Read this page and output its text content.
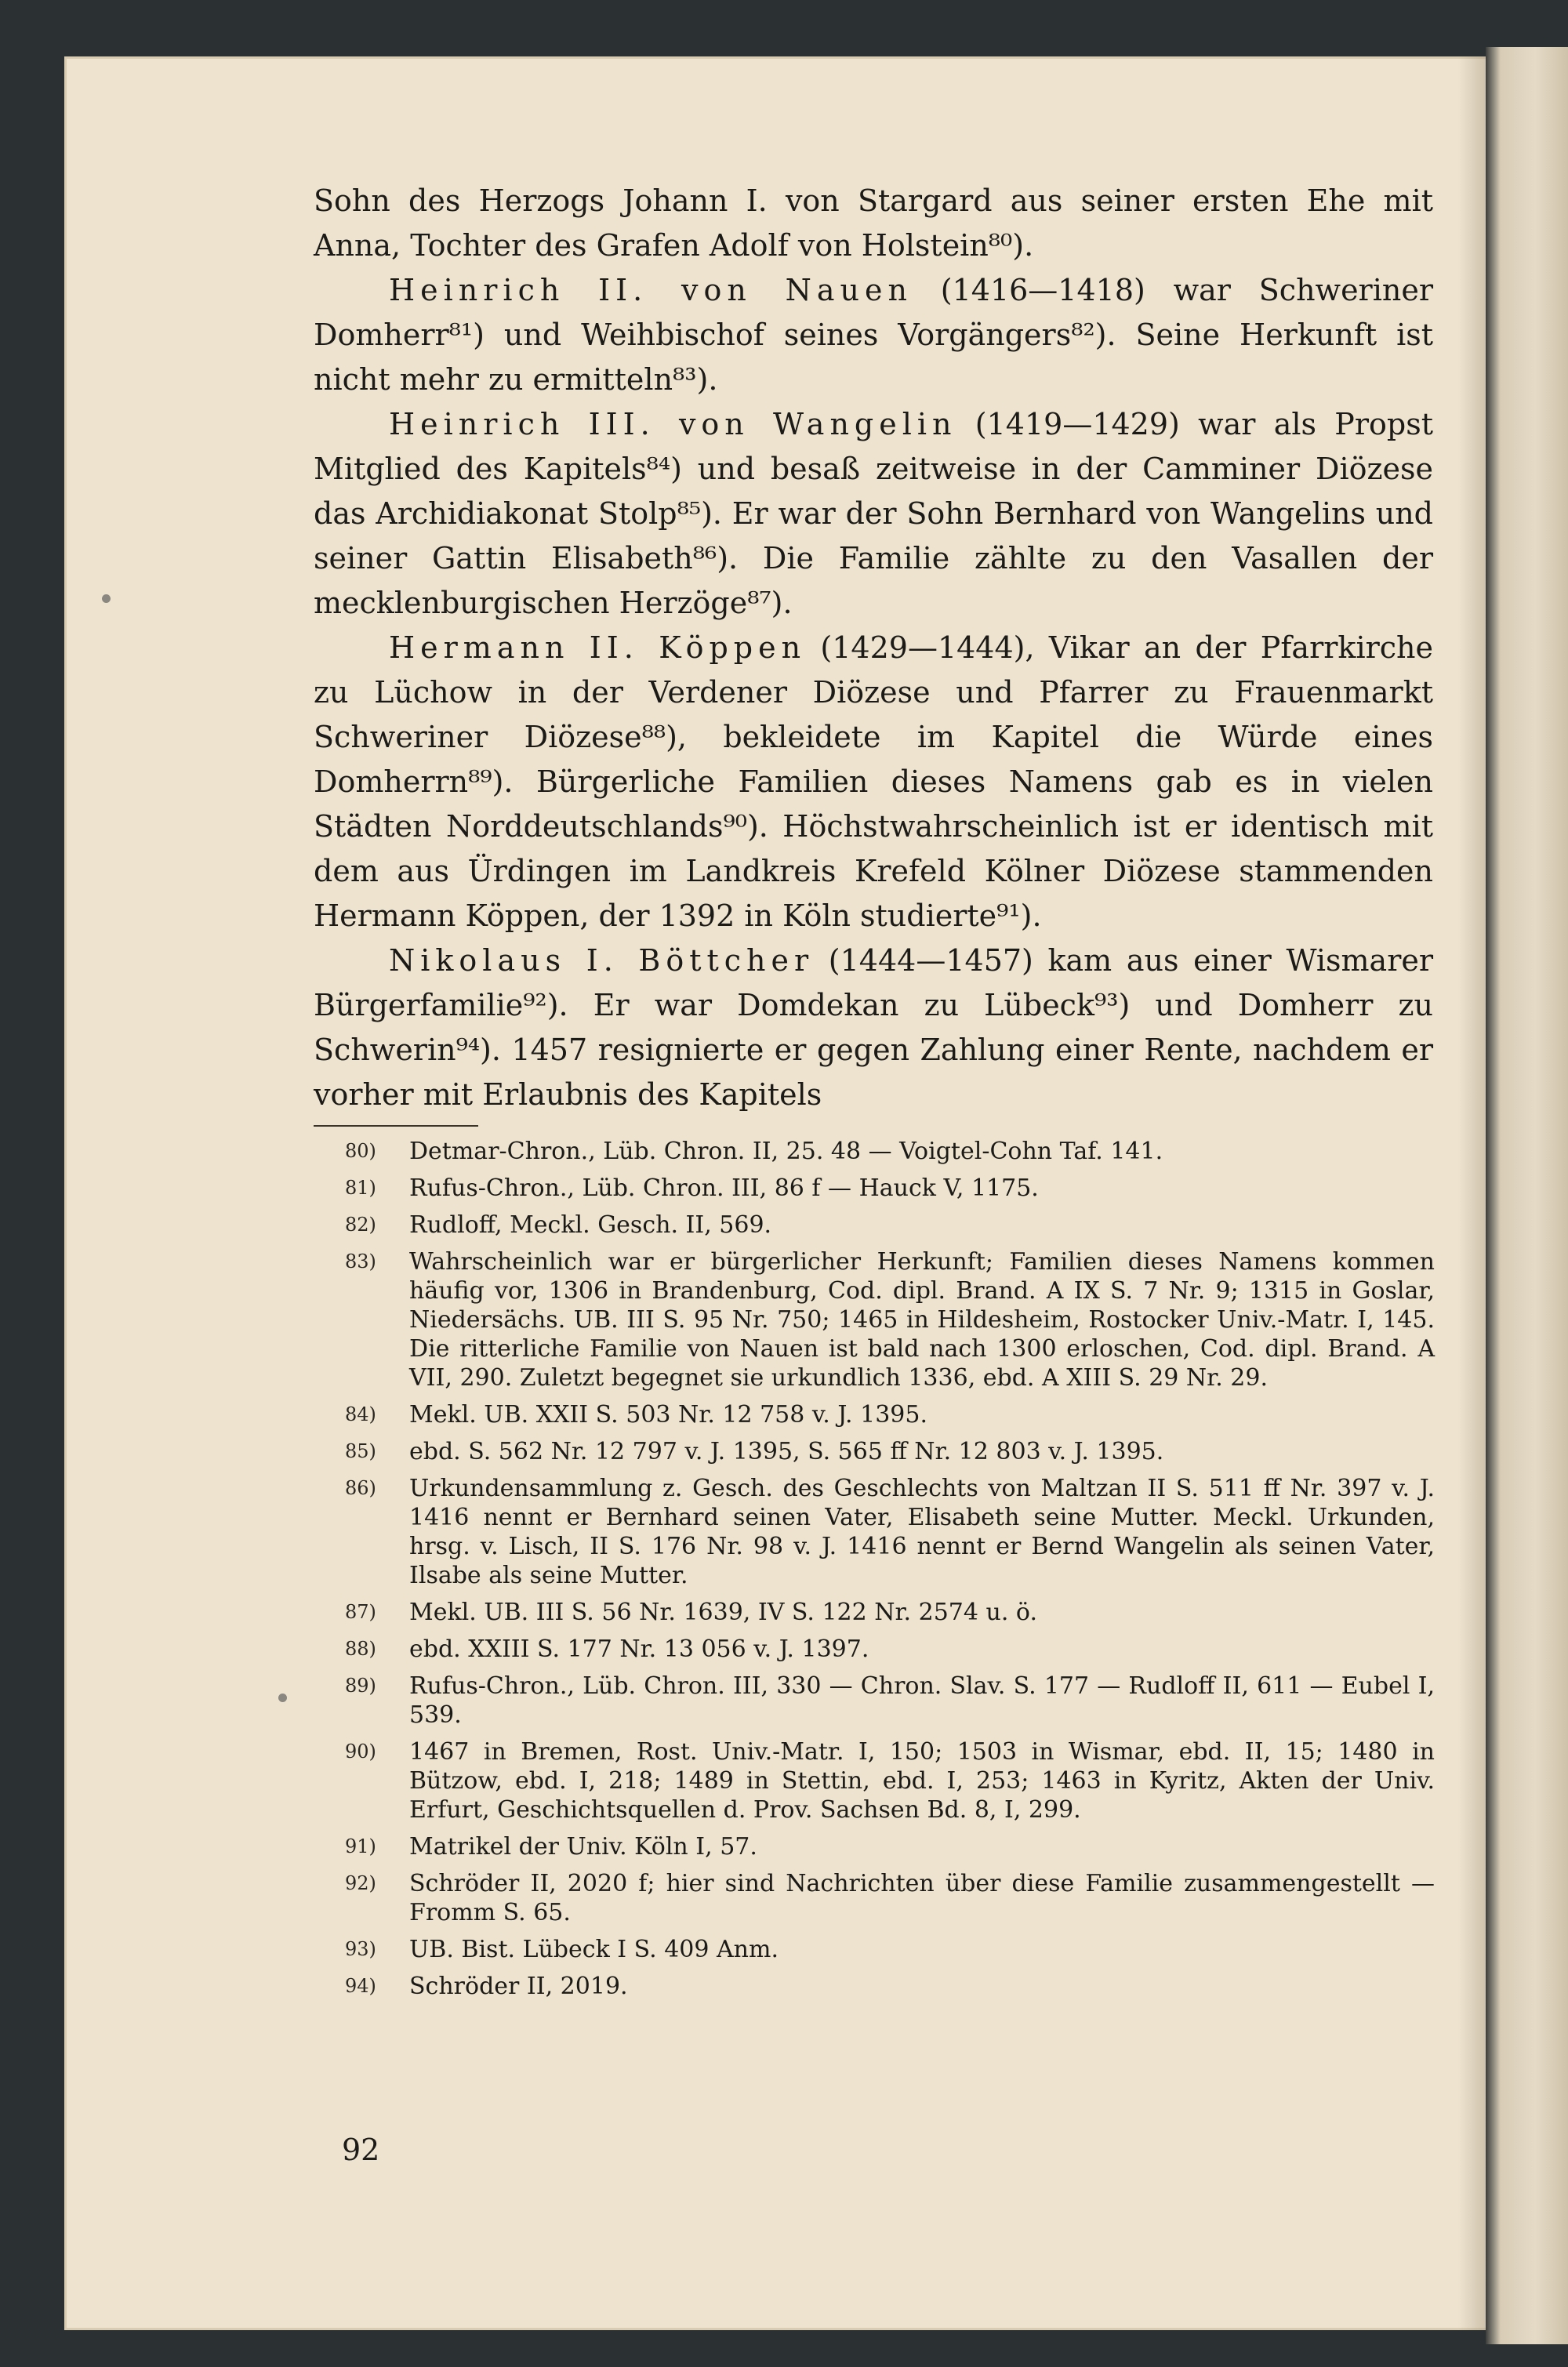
Sohn des Herzogs Johann I. von Stargard aus seiner ersten Ehe mit Anna, Tochter des Grafen Adolf von Holstein⁸⁰).

Heinrich II. von Nauen (1416—1418) war Schweriner Domherr⁸¹) und Weihbischof seines Vorgängers⁸²). Seine Herkunft ist nicht mehr zu ermitteln⁸³).

Heinrich III. von Wangelin (1419—1429) war als Propst Mitglied des Kapitels⁸⁴) und besaß zeitweise in der Camminer Diözese das Archidiakonat Stolp⁸⁵). Er war der Sohn Bernhard von Wangelins und seiner Gattin Elisabeth⁸⁶). Die Familie zählte zu den Vasallen der mecklenburgischen Herzöge⁸⁷).

Hermann II. Köppen (1429—1444), Vikar an der Pfarrkirche zu Lüchow in der Verdener Diözese und Pfarrer zu Frauenmarkt Schweriner Diözese⁸⁸), bekleidete im Kapitel die Würde eines Domherrn⁸⁹). Bürgerliche Familien dieses Namens gab es in vielen Städten Norddeutschlands⁹⁰). Höchstwahrscheinlich ist er identisch mit dem aus Ürdingen im Landkreis Krefeld Kölner Diözese stammenden Hermann Köppen, der 1392 in Köln studierte⁹¹).

Nikolaus I. Böttcher (1444—1457) kam aus einer Wismarer Bürgerfamilie⁹²). Er war Domdekan zu Lübeck⁹³) und Domherr zu Schwerin⁹⁴). 1457 resignierte er gegen Zahlung einer Rente, nachdem er vorher mit Erlaubnis des Kapitels

80)	Detmar-Chron., Lüb. Chron. II, 25. 48 — Voigtel-Cohn Taf. 141.
81)	Rufus-Chron., Lüb. Chron. III, 86 f — Hauck V, 1175.
82)	Rudloff, Meckl. Gesch. II, 569.
83)	Wahrscheinlich war er bürgerlicher Herkunft; Familien dieses Namens kommen häufig vor, 1306 in Brandenburg, Cod. dipl. Brand. A IX S. 7 Nr. 9; 1315 in Goslar, Niedersächs. UB. III S. 95 Nr. 750; 1465 in Hildesheim, Rostocker Univ.-Matr. I, 145. Die ritterliche Familie von Nauen ist bald nach 1300 erloschen, Cod. dipl. Brand. A VII, 290. Zuletzt begegnet sie urkundlich 1336, ebd. A XIII S. 29 Nr. 29.
84)	Mekl. UB. XXII S. 503 Nr. 12 758 v. J. 1395.
85)	ebd. S. 562 Nr. 12 797 v. J. 1395, S. 565 ff Nr. 12 803 v. J. 1395.
86)	Urkundensammlung z. Gesch. des Geschlechts von Maltzan II S. 511 ff Nr. 397 v. J. 1416 nennt er Bernhard seinen Vater, Elisabeth seine Mutter. Meckl. Urkunden, hrsg. v. Lisch, II S. 176 Nr. 98 v. J. 1416 nennt er Bernd Wangelin als seinen Vater, Ilsabe als seine Mutter.
87)	Mekl. UB. III S. 56 Nr. 1639, IV S. 122 Nr. 2574 u. ö.
88)	ebd. XXIII S. 177 Nr. 13 056 v. J. 1397.
89)	Rufus-Chron., Lüb. Chron. III, 330 — Chron. Slav. S. 177 — Rudloff II, 611 — Eubel I, 539.
90)	1467 in Bremen, Rost. Univ.-Matr. I, 150; 1503 in Wismar, ebd. II, 15; 1480 in Bützow, ebd. I, 218; 1489 in Stettin, ebd. I, 253; 1463 in Kyritz, Akten der Univ. Erfurt, Geschichtsquellen d. Prov. Sachsen Bd. 8, I, 299.
91)	Matrikel der Univ. Köln I, 57.
92)	Schröder II, 2020 f; hier sind Nachrichten über diese Familie zusammengestellt — Fromm S. 65.
93)	UB. Bist. Lübeck I S. 409 Anm.
94)	Schröder II, 2019.
92
